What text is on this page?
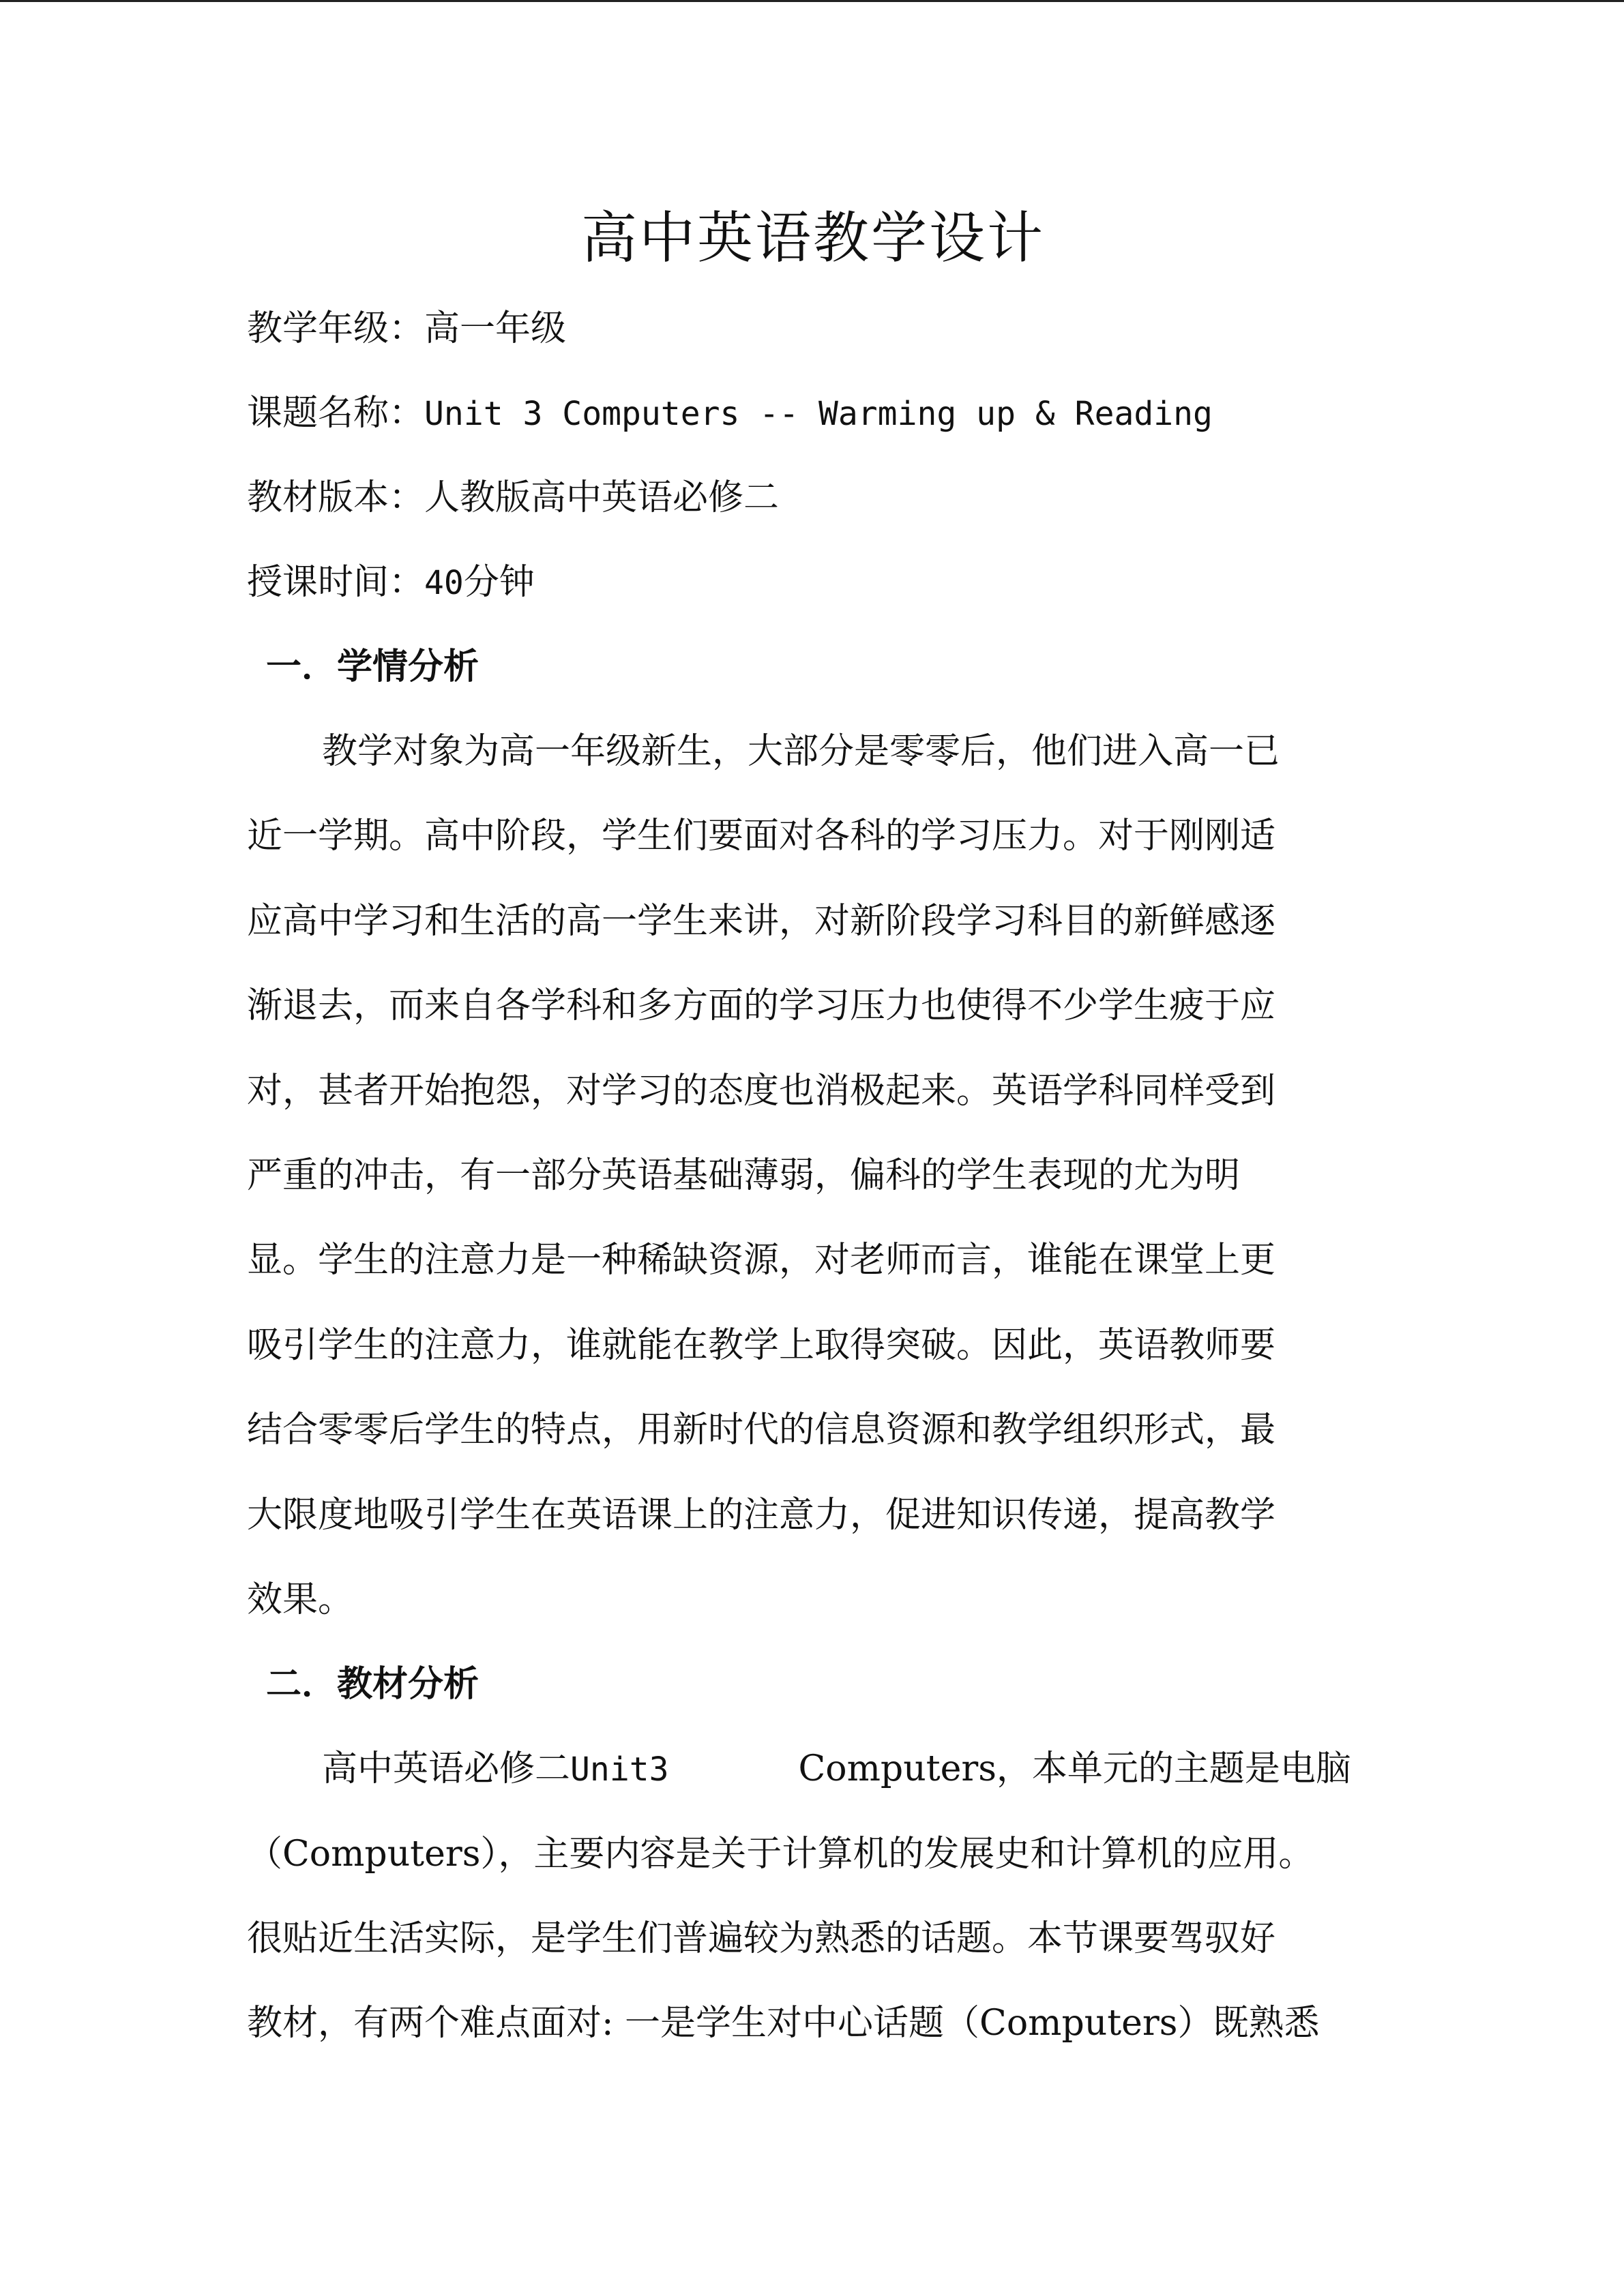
高中英语教学设计
教学年级：高一年级
课题名称：Unit 3 Computers -- Warming up & Reading
教材版本：人教版高中英语必修二
授课时间：40分钟
一．学情分析
教学对象为高一年级新生，大部分是零零后，他们进入高一已
近一学期。高中阶段，学生们要面对各科的学习压力。对于刚刚适
应高中学习和生活的高一学生来讲，对新阶段学习科目的新鲜感逐
渐退去，而来自各学科和多方面的学习压力也使得不少学生疲于应
对，甚者开始抱怨，对学习的态度也消极起来。英语学科同样受到
严重的冲击，有一部分英语基础薄弱，偏科的学生表现的尤为明
显。学生的注意力是一种稀缺资源，对老师而言，谁能在课堂上更
吸引学生的注意力，谁就能在教学上取得突破。因此，英语教师要
结合零零后学生的特点，用新时代的信息资源和教学组织形式，最
大限度地吸引学生在英语课上的注意力，促进知识传递，提高教学
效果。
二．教材分析
高中英语必修二Unit3	Computers，本单元的主题是电脑
（Computers），主要内容是关于计算机的发展史和计算机的应用。
很贴近生活实际，是学生们普遍较为熟悉的话题。本节课要驾驭好
教材，有两个难点面对: 一是学生对中心话题（Computers）既熟悉
